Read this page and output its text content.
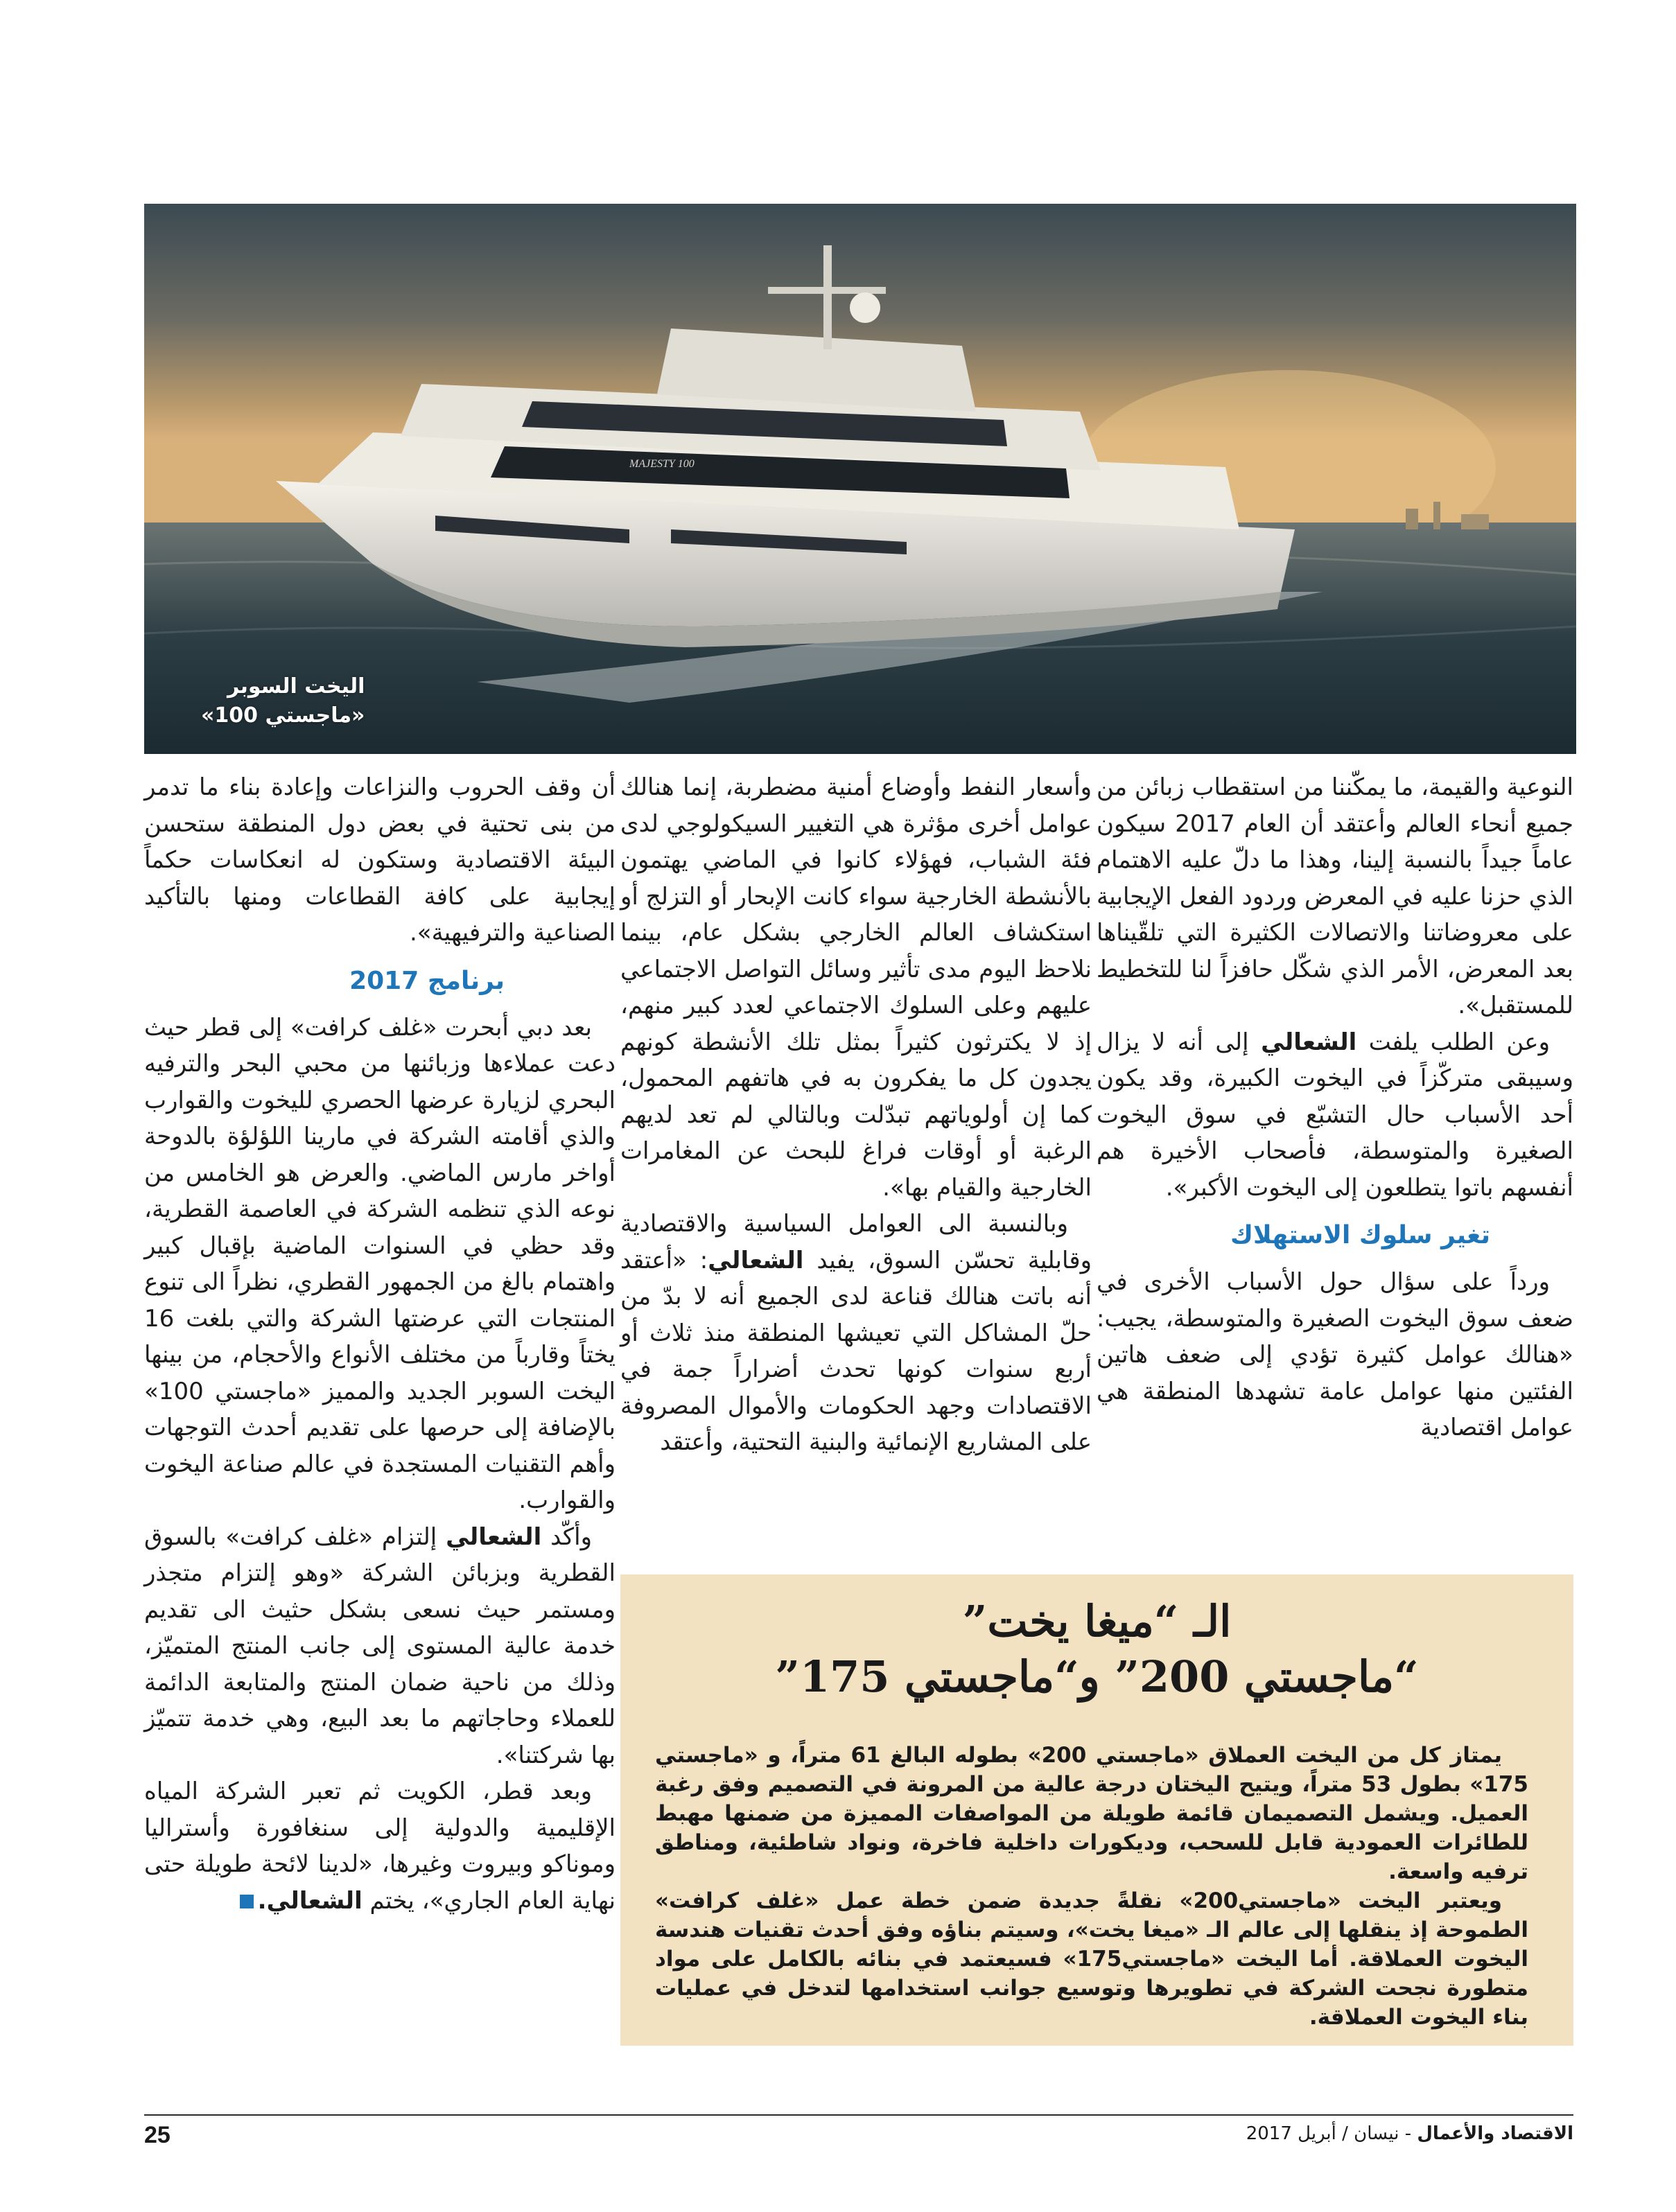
MAJESTY 100
اليخت السوبر
«ماجستي 100»

النوعية والقيمة، ما يمكّننا من استقطاب زبائن من جميع أنحاء العالم وأعتقد أن العام 2017 سيكون عاماً جيداً بالنسبة إلينا، وهذا ما دلّ عليه الاهتمام الذي حزنا عليه في المعرض وردود الفعل الإيجابية على معروضاتنا والاتصالات الكثيرة التي تلقّيناها بعد المعرض، الأمر الذي شكّل حافزاً لنا للتخطيط للمستقبل».

وعن الطلب يلفت الشعالي إلى أنه لا يزال وسيبقى متركّزاً في اليخوت الكبيرة، وقد يكون أحد الأسباب حال التشبّع في سوق اليخوت الصغيرة والمتوسطة، فأصحاب الأخيرة هم أنفسهم باتوا يتطلعون إلى اليخوت الأكبر».

تغير سلوك الاستهلاك

ورداً على سؤال حول الأسباب الأخرى في ضعف سوق اليخوت الصغيرة والمتوسطة، يجيب: «هنالك عوامل كثيرة تؤدي إلى ضعف هاتين الفئتين منها عوامل عامة تشهدها المنطقة هي عوامل اقتصادية

وأسعار النفط وأوضاع أمنية مضطربة، إنما هنالك عوامل أخرى مؤثرة هي التغيير السيكولوجي لدى فئة الشباب، فهؤلاء كانوا في الماضي يهتمون بالأنشطة الخارجية سواء كانت الإبحار أو التزلج أو استكشاف العالم الخارجي بشكل عام، بينما نلاحظ اليوم مدى تأثير وسائل التواصل الاجتماعي عليهم وعلى السلوك الاجتماعي لعدد كبير منهم، إذ لا يكترثون كثيراً بمثل تلك الأنشطة كونهم يجدون كل ما يفكرون به في هاتفهم المحمول، كما إن أولوياتهم تبدّلت وبالتالي لم تعد لديهم الرغبة أو أوقات فراغ للبحث عن المغامرات الخارجية والقيام بها».

وبالنسبة الى العوامل السياسية والاقتصادية وقابلية تحسّن السوق، يفيد الشعالي: «أعتقد أنه باتت هنالك قناعة لدى الجميع أنه لا بدّ من حلّ المشاكل التي تعيشها المنطقة منذ ثلاث أو أربع سنوات كونها تحدث أضراراً جمة في الاقتصادات وجهد الحكومات والأموال المصروفة على المشاريع الإنمائية والبنية التحتية، وأعتقد

أن وقف الحروب والنزاعات وإعادة بناء ما تدمر من بنى تحتية في بعض دول المنطقة ستحسن البيئة الاقتصادية وستكون له انعكاسات حكماً إيجابية على كافة القطاعات ومنها بالتأكيد الصناعية والترفيهية».

برنامج 2017

بعد دبي أبحرت «غلف كرافت» إلى قطر حيث دعت عملاءها وزبائنها من محبي البحر والترفيه البحري لزيارة عرضها الحصري لليخوت والقوارب والذي أقامته الشركة في مارينا اللؤلؤة بالدوحة أواخر مارس الماضي. والعرض هو الخامس من نوعه الذي تنظمه الشركة في العاصمة القطرية، وقد حظي في السنوات الماضية بإقبال كبير واهتمام بالغ من الجمهور القطري، نظراً الى تنوع المنتجات التي عرضتها الشركة والتي بلغت 16 يختاً وقارباً من مختلف الأنواع والأحجام، من بينها اليخت السوبر الجديد والمميز «ماجستي 100» بالإضافة إلى حرصها على تقديم أحدث التوجهات وأهم التقنيات المستجدة في عالم صناعة اليخوت والقوارب.

وأكّد الشعالي إلتزام «غلف كرافت» بالسوق القطرية وبزبائن الشركة «وهو إلتزام متجذر ومستمر حيث نسعى بشكل حثيث الى تقديم خدمة عالية المستوى إلى جانب المنتج المتميّز، وذلك من ناحية ضمان المنتج والمتابعة الدائمة للعملاء وحاجاتهم ما بعد البيع، وهي خدمة تتميّز بها شركتنا».

وبعد قطر، الكويت ثم تعبر الشركة المياه الإقليمية والدولية إلى سنغافورة وأستراليا وموناكو وبيروت وغيرها، «لدينا لائحة طويلة حتى نهاية العام الجاري»، يختم الشعالي.

الـ “ميغا يخت”
“ماجستي 200” و“ماجستي 175”

يمتاز كل من اليخت العملاق «ماجستي 200» بطوله البالغ 61 متراً، و «ماجستي 175» بطول 53 متراً، ويتيح اليختان درجة عالية من المرونة في التصميم وفق رغبة العميل. ويشمل التصميمان قائمة طويلة من المواصفات المميزة من ضمنها مهبط للطائرات العمودية قابل للسحب، وديكورات داخلية فاخرة، ونواد شاطئية، ومناطق ترفيه واسعة.

ويعتبر اليخت «ماجستي200» نقلةً جديدة ضمن خطة عمل «غلف كرافت» الطموحة إذ ينقلها إلى عالم الـ «ميغا يخت»، وسيتم بناؤه وفق أحدث تقنيات هندسة اليخوت العملاقة. أما اليخت «ماجستي175» فسيعتمد في بنائه بالكامل على مواد متطورة نجحت الشركة في تطويرها وتوسيع جوانب استخدامها لتدخل في عمليات بناء اليخوت العملاقة.

25	الاقتصاد والأعمال - نيسان / أبريل 2017
